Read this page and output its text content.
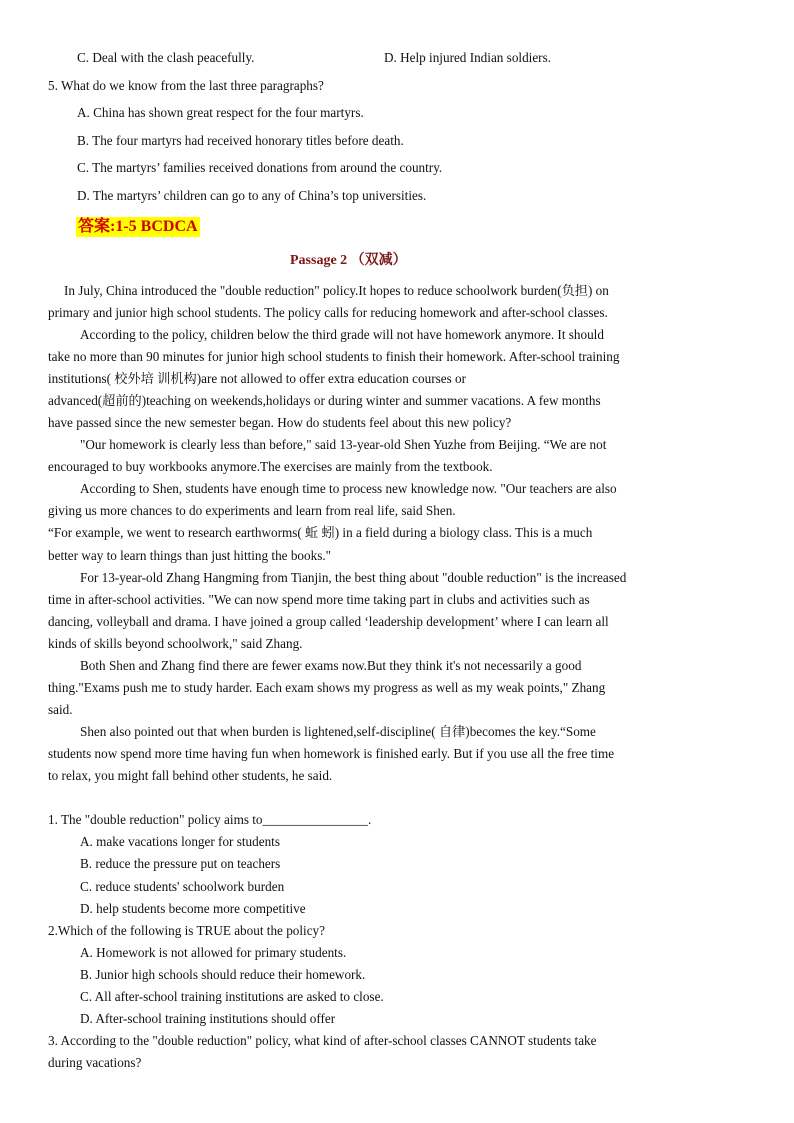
C. Deal with the clash peacefully.	D. Help injured Indian soldiers.
5. What do we know from the last three paragraphs?
A. China has shown great respect for the four martyrs.
B. The four martyrs had received honorary titles before death.
C. The martyrs’ families received donations from around the country.
D. The martyrs’ children can go to any of China’s top universities.
答案:1-5 BCDCA
Passage 2 （双减）
In July, China introduced the "double reduction" policy.It hopes to reduce schoolwork burden(负担) on
primary and junior high school students. The policy calls for reducing homework and after-school classes.
According to the policy, children below the third grade will not have homework anymore. It should
take no more than 90 minutes for junior high school students to finish their homework. After-school training
institutions( 校外培 训机构)are not allowed to offer extra education courses or
advanced(超前的)teaching on weekends,holidays or during winter and summer vacations. A few months
have passed since the new semester began. How do students feel about this new policy?
"Our homework is clearly less than before," said 13-year-old Shen Yuzhe from Beijing. “We are not
encouraged to buy workbooks anymore.The exercises are mainly from the textbook.
According to Shen, students have enough time to process new knowledge now. "Our teachers are also
giving us more chances to do experiments and learn from real life, said Shen.
“For example, we went to research earthworms( 蚯 蚓) in a field during a biology class. This is a much
better way to learn things than just hitting the books."
For 13-year-old Zhang Hangming from Tianjin, the best thing about "double reduction" is the increased
time in after-school activities. "We can now spend more time taking part in clubs and activities such as
dancing, volleyball and drama. I have joined a group called ‘leadership development’ where I can learn all
kinds of skills beyond schoolwork," said Zhang.
Both Shen and Zhang find there are fewer exams now.But they think it's not necessarily a good
thing."Exams push me to study harder. Each exam shows my progress as well as my weak points," Zhang
said.
Shen also pointed out that when burden is lightened,self-discipline( 自律)becomes the key.“Some
students now spend more time having fun when homework is finished early. But if you use all the free time
to relax, you might fall behind other students, he said.
1. The "double reduction" policy aims to________________.
A. make vacations longer for students
B. reduce the pressure put on teachers
C. reduce students' schoolwork burden
D. help students become more competitive
2.Which of the following is TRUE about the policy?
A. Homework is not allowed for primary students.
B. Junior high schools should reduce their homework.
C. All after-school training institutions are asked to close.
D. After-school training institutions should offer
3. According to the "double reduction" policy, what kind of after-school classes CANNOT students take
during vacations?
